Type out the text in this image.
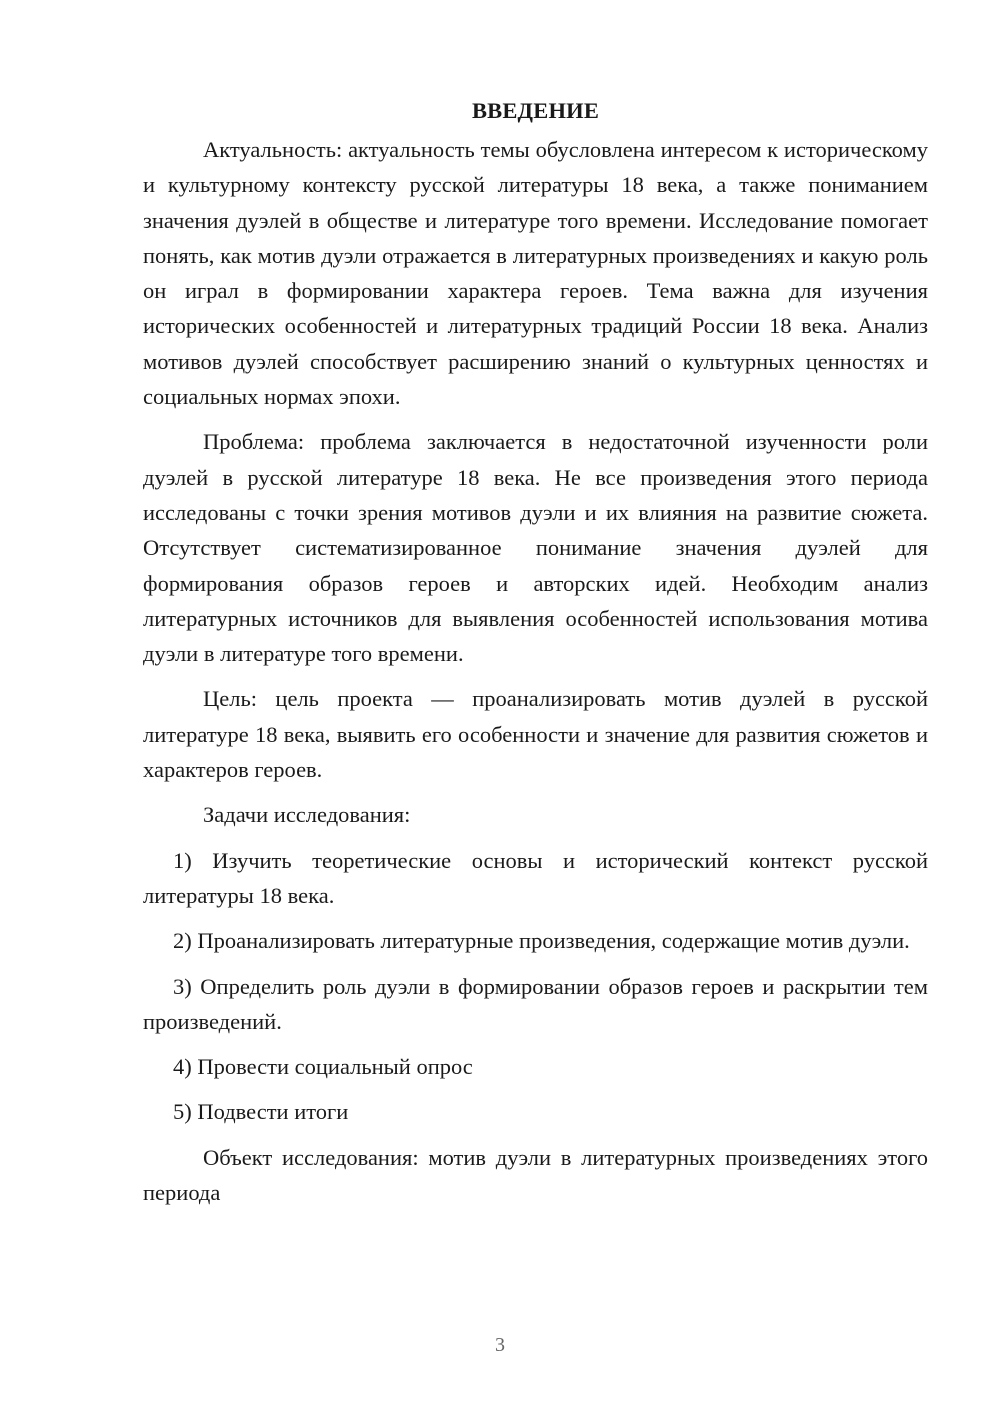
ВВЕДЕНИЕ

Актуальность: актуальность темы обусловлена интересом к историческому и культурному контексту русской литературы 18 века, а также пониманием значения дуэлей в обществе и литературе того времени. Исследование помогает понять, как мотив дуэли отражается в литературных произведениях и какую роль он играл в формировании характера героев. Тема важна для изучения исторических особенностей и литературных традиций России 18 века. Анализ мотивов дуэлей способствует расширению знаний о культурных ценностях и социальных нормах эпохи.

Проблема: проблема заключается в недостаточной изученности роли дуэлей в русской литературе 18 века. Не все произведения этого периода исследованы с точки зрения мотивов дуэли и их влияния на развитие сюжета. Отсутствует систематизированное понимание значения дуэлей для формирования образов героев и авторских идей. Необходим анализ литературных источников для выявления особенностей использования мотива дуэли в литературе того времени.

Цель: цель проекта — проанализировать мотив дуэлей в русской литературе 18 века, выявить его особенности и значение для развития сюжетов и характеров героев.

Задачи исследования:

1) Изучить теоретические основы и исторический контекст русской литературы 18 века.

2) Проанализировать литературные произведения, содержащие мотив дуэли.

3) Определить роль дуэли в формировании образов героев и раскрытии тем произведений.

4) Провести социальный опрос

5) Подвести итоги

Объект исследования: мотив дуэли в литературных произведениях этого периода

3
